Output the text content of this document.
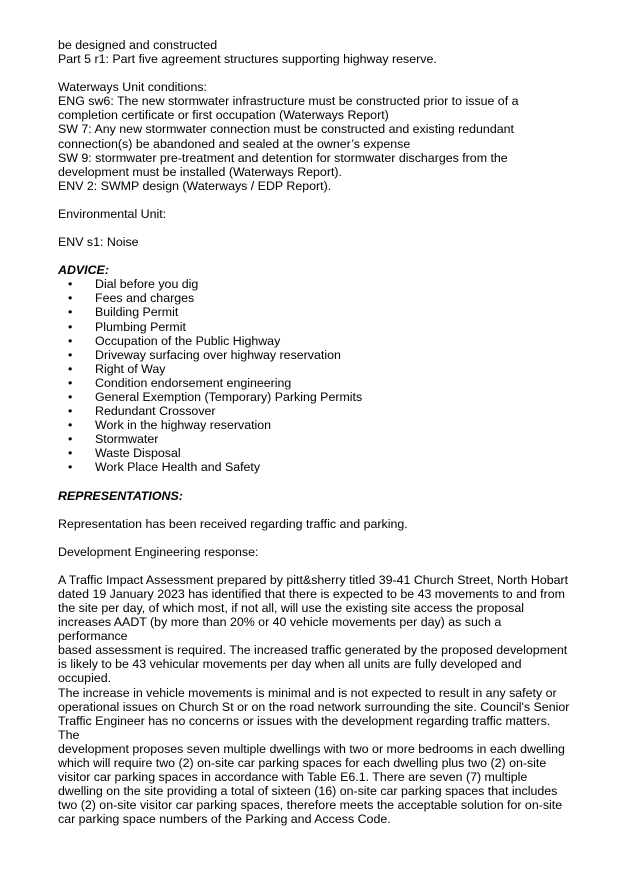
be designed and constructed

Part 5 r1: Part five agreement structures supporting highway reserve.

Waterways Unit conditions:

ENG sw6: The new stormwater infrastructure must be constructed prior to issue of a

completion certificate or first occupation (Waterways Report)

SW 7: Any new stormwater connection must be constructed and existing redundant

connection(s) be abandoned and sealed at the owner’s expense

SW 9: stormwater pre-treatment and detention for stormwater discharges from the

development must be installed (Waterways Report).

ENV 2: SWMP design (Waterways / EDP Report).

Environmental Unit:

ENV s1: Noise

ADVICE:

• Dial before you dig
• Fees and charges
• Building Permit
• Plumbing Permit
• Occupation of the Public Highway
• Driveway surfacing over highway reservation
• Right of Way
• Condition endorsement engineering
• General Exemption (Temporary) Parking Permits
• Redundant Crossover
• Work in the highway reservation
• Stormwater
• Waste Disposal
• Work Place Health and Safety

REPRESENTATIONS:

Representation has been received regarding traffic and parking.

Development Engineering response:

A Traffic Impact Assessment prepared by pitt&sherry titled 39-41 Church Street, North Hobart

dated 19 January 2023 has identified that there is expected to be 43 movements to and from

the site per day, of which most, if not all, will use the existing site access the proposal

increases AADT (by more than 20% or 40 vehicle movements per day) as such a performance

based assessment is required. The increased traffic generated by the proposed development

is likely to be 43 vehicular movements per day when all units are fully developed and occupied.

The increase in vehicle movements is minimal and is not expected to result in any safety or

operational issues on Church St or on the road network surrounding the site. Council's Senior

Traffic Engineer has no concerns or issues with the development regarding traffic matters. The

development proposes seven multiple dwellings with two or more bedrooms in each dwelling

which will require two (2) on-site car parking spaces for each dwelling plus two (2) on-site

visitor car parking spaces in accordance with Table E6.1. There are seven (7) multiple

dwelling on the site providing a total of sixteen (16) on-site car parking spaces that includes

two (2) on-site visitor car parking spaces, therefore meets the acceptable solution for on-site

car parking space numbers of the Parking and Access Code.
